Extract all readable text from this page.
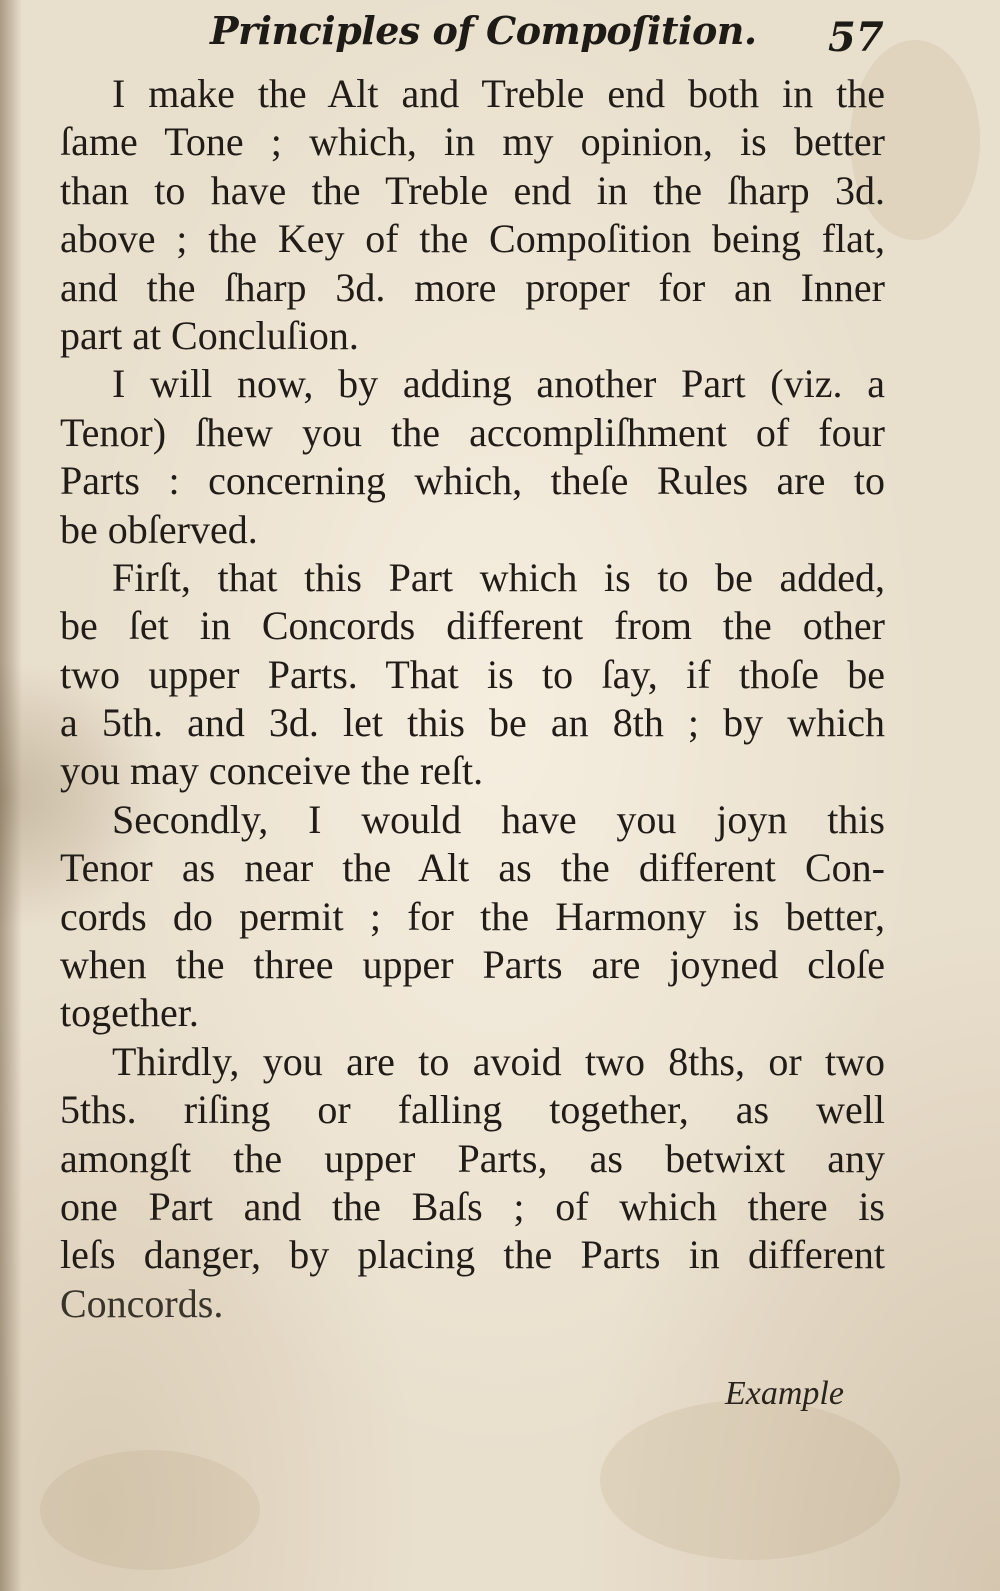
Principles of Compoſition. 57
I make the Alt and Treble end both in the
ſame Tone ; which, in my opinion, is better
than to have the Treble end in the ſharp 3d.
above ; the Key of the Compoſition being flat,
and the ſharp 3d. more proper for an Inner
part at Concluſion.
I will now, by adding another Part (viz. a
Tenor) ſhew you the accompliſhment of four
Parts : concerning which, theſe Rules are to
be obſerved.
Firſt, that this Part which is to be added,
be ſet in Concords different from the other
two upper Parts. That is to ſay, if thoſe be
a 5th. and 3d. let this be an 8th ; by which
you may conceive the reſt.
Secondly, I would have you joyn this
Tenor as near the Alt as the different Con-
cords do permit ; for the Harmony is better,
when the three upper Parts are joyned cloſe
together.
Thirdly, you are to avoid two 8ths, or two
5ths. riſing or falling together, as well
amongſt the upper Parts, as betwixt any
one Part and the Baſs ; of which there is
leſs danger, by placing the Parts in different
Concords.
Example
